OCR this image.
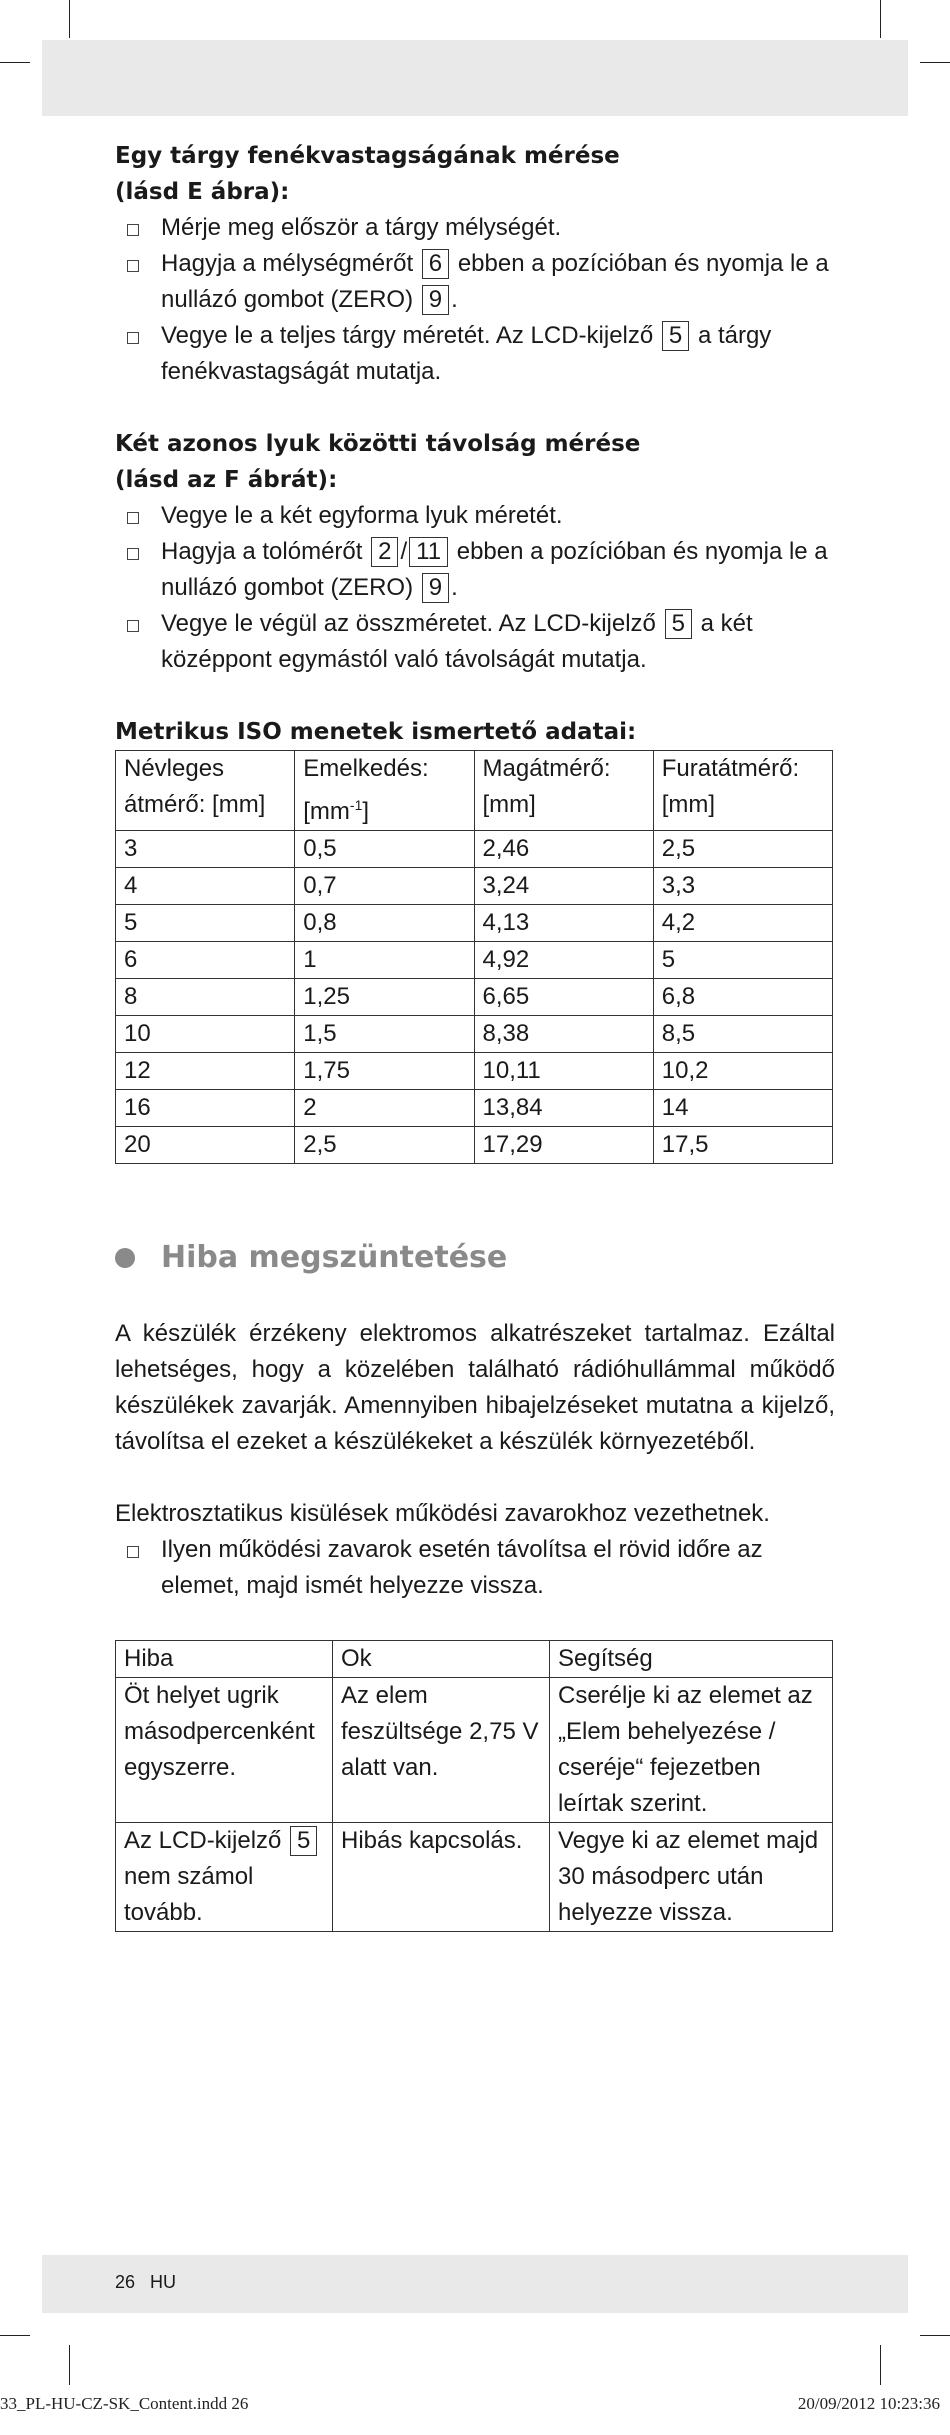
Egy tárgy fenékvastagságának mérése
(lásd E ábra):
Mérje meg először a tárgy mélységét.
Hagyja a mélységmérőt 6 ebben a pozícióban és nyomja le a nullázó gombot (ZERO) 9 .
Vegye le a teljes tárgy méretét. Az LCD-kijelző 5 a tárgy fenékvastagságát mutatja.
Két azonos lyuk közötti távolság mérése
(lásd az F ábrát):
Vegye le a két egyforma lyuk méretét.
Hagyja a tolómérőt 2 / 11 ebben a pozícióban és nyomja le a nullázó gombot (ZERO) 9 .
Vegye le végül az összméretet. Az LCD-kijelző 5 a két középpont egymástól való távolságát mutatja.
Metrikus ISO menetek ismertető adatai:
Névleges átmérő: [mm]	Emelkedés: $[mm^{-1}]$	Magátmérő: [mm]	Furatátmérő: [mm]
3	0,5	2,46	2,5
4	0,7	3,24	3,3
5	0,8	4,13	4,2
6	1	4,92	5
8	1,25	6,65	6,8
10	1,5	8,38	8,5
12	1,75	10,11	10,2
16	2	13,84	14
20	2,5	17,29	17,5
Hiba megszüntetése

A készülék érzékeny elektromos alkatrészeket tartalmaz. Ezáltal lehetséges, hogy a közelében található rádióhullámmal működő készülékek zavarják. Amennyiben hibajelzéseket mutatna a kijelző, távolítsa el ezeket a készülékeket a készülék környezetéből.

Elektrosztatikus kisülések működési zavarokhoz vezethetnek.

Ilyen működési zavarok esetén távolítsa el rövid időre az elemet, majd ismét helyezze vissza.
Hiba	Ok	Segítség
Öt helyet ugrik másodpercenként egyszerre.	Az elem feszültsége 2,75 V alatt van.	Cserélje ki az elemet az „Elem behelyezése / cseréje“ fejezetben leírtak szerint.
Az LCD-kijelző 5 nem számol tovább.	Hibás kapcsolás.	Vegye ki az elemet majd 30 másodperc után helyezze vissza.
26 HU
33_PL-HU-CZ-SK_Content.indd 26	20/09/2012 10:23:36
